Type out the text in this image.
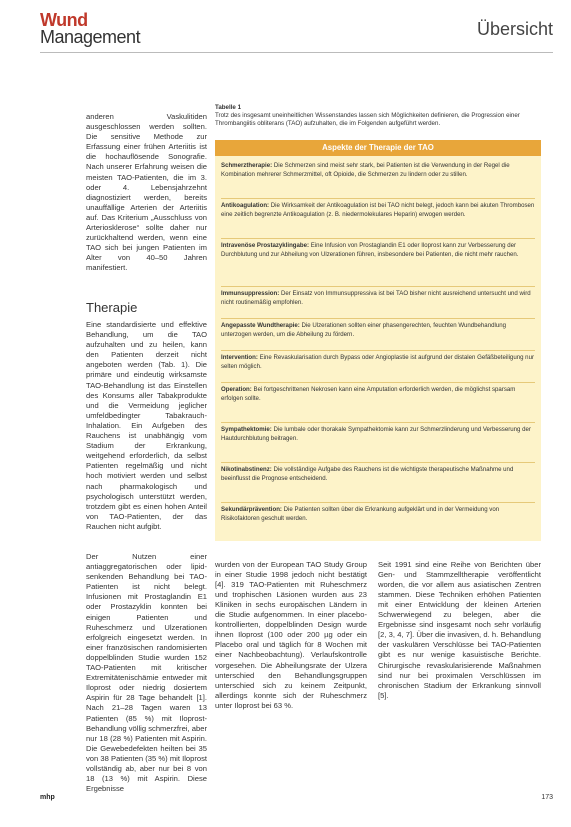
Wund
Management	Übersicht

anderen Vaskulitiden ausgeschlossen werden sollten. Die sensitive Methode zur Erfassung einer frühen Arteriitis ist die hochauflösende Sonografie. Nach unserer Erfahrung weisen die meisten TAO-Patienten, die im 3. oder 4. Lebensjahrzehnt diagnostiziert werden, bereits unauffällige Arterien der Arteriitis auf. Das Kriterium „Ausschluss von Arteriosklerose“ sollte daher nur zurückhaltend werden, wenn eine TAO sich bei jungen Patienten im Alter von 40–50 Jahren manifestiert.

Therapie

Eine standardisierte und effektive Behandlung, um die TAO aufzuhalten und zu heilen, kann den Patienten derzeit nicht angeboten werden (Tab. 1). Die primäre und eindeutig wirksamste TAO-Behandlung ist das Einstellen des Konsums aller Tabakprodukte und die Vermeidung jeglicher umfeldbedingter Tabakrauch-Inhalation. Ein Aufgeben des Rauchens ist unabhängig vom Stadium der Erkrankung, weitgehend erforderlich, da selbst Patienten regelmäßig und nicht hoch motiviert werden und selbst nach pharmakologisch und psychologisch unterstützt werden, trotzdem gibt es einen hohen Anteil von TAO-Patienten, der das Rauchen nicht aufgibt.

Der Nutzen einer antiaggregatorischen oder lipid-senkenden Behandlung bei TAO-Patienten ist nicht belegt. Infusionen mit Prostaglandin E1 oder Prostazyklin konnten bei einigen Patienten und Ruheschmerz und Ulzerationen erfolgreich eingesetzt werden. In einer französischen randomisierten doppelblinden Studie wurden 152 TAO-Patienten mit kritischer Extremitätenischämie entweder mit Iloprost oder niedrig dosiertem Aspirin für 28 Tage behandelt [1]. Nach 21–28 Tagen waren 13 Patienten (85 %) mit Iloprost-Behandlung völlig schmerzfrei, aber nur 18 (28 %) Patienten mit Aspirin. Die Gewebedefekten heilten bei 35 von 38 Patienten (35 %) mit Iloprost vollständig ab, aber nur bei 8 von 18 (13 %) mit Aspirin. Diese Ergebnisse

Tabelle 1
Trotz des insgesamt uneinheitlichen Wissenstandes lassen sich Möglichkeiten definieren, die Progression einer Thrombangiitis obliterans (TAO) aufzuhalten, die im Folgenden aufgeführt werden.
Aspekte der Therapie der TAO
Schmerztherapie: Die Schmerzen sind meist sehr stark, bei Patienten ist die Verwendung in der Regel die Kombination mehrerer Schmerzmittel, oft Opioide, die Schmerzen zu lindern oder zu stillen.
Antikoagulation: Die Wirksamkeit der Antikoagulation ist bei TAO nicht belegt, jedoch kann bei akuten Thrombosen eine zeitlich begrenzte Antikoagulation (z. B. niedermolekulares Heparin) erwogen werden.
Intravenöse Prostazyklingabe: Eine Infusion von Prostaglandin E1 oder Iloprost kann zur Verbesserung der Durchblutung und zur Abheilung von Ulzerationen führen, insbesondere bei Patienten, die nicht mehr rauchen.
Immunsuppression: Der Einsatz von Immunsuppressiva ist bei TAO bisher nicht ausreichend untersucht und wird nicht routinemäßig empfohlen.
Angepasste Wundtherapie: Die Ulzerationen sollten einer phasengerechten, feuchten Wundbehandlung unterzogen werden, um die Abheilung zu fördern.
Intervention: Eine Revaskularisation durch Bypass oder Angioplastie ist aufgrund der distalen Gefäßbeteiligung nur selten möglich.
Operation: Bei fortgeschrittenen Nekrosen kann eine Amputation erforderlich werden, die möglichst sparsam erfolgen sollte.
Sympathektomie: Die lumbale oder thorakale Sympathektomie kann zur Schmerzlinderung und Verbesserung der Hautdurchblutung beitragen.
Nikotinabstinenz: Die vollständige Aufgabe des Rauchens ist die wichtigste therapeutische Maßnahme und beeinflusst die Prognose entscheidend.
Sekundärprävention: Die Patienten sollten über die Erkrankung aufgeklärt und in der Vermeidung von Risikofaktoren geschult werden.

wurden von der European TAO Study Group in einer Studie 1998 jedoch nicht bestätigt [4]. 319 TAO-Patienten mit Ruheschmerz und trophischen Läsionen wurden aus 23 Kliniken in sechs europäischen Ländern in die Studie aufgenommen. In einer placebo-kontrollierten, doppelblinden Design wurde ihnen Iloprost (100 oder 200 µg oder ein Placebo oral und täglich für 8 Wochen mit einer Nachbeobachtung). Verlaufskontrolle vorgesehen. Die Abheilungsrate der Ulzera unterschied den Behandlungsgruppen unterschied sich zu keinem Zeitpunkt, allerdings konnte sich der Ruheschmerz unter Iloprost bei 63 %.

Seit 1991 sind eine Reihe von Berichten über Gen- und Stammzelltherapie veröffentlicht worden, die vor allem aus asiatischen Zentren stammen. Diese Techniken erhöhen Patienten mit einer Entwicklung der kleinen Arterien Schwerwiegend zu belegen, aber die Ergebnisse sind insgesamt noch sehr vorläufig [2, 3, 4, 7]. Über die invasiven, d. h. Behandlung der vaskulären Verschlüsse bei TAO-Patienten gibt es nur wenige kasuistische Berichte. Chirurgische revaskularisierende Maßnahmen sind nur bei proximalen Verschlüssen im chronischen Stadium der Erkrankung sinnvoll [5].

mhp	173
